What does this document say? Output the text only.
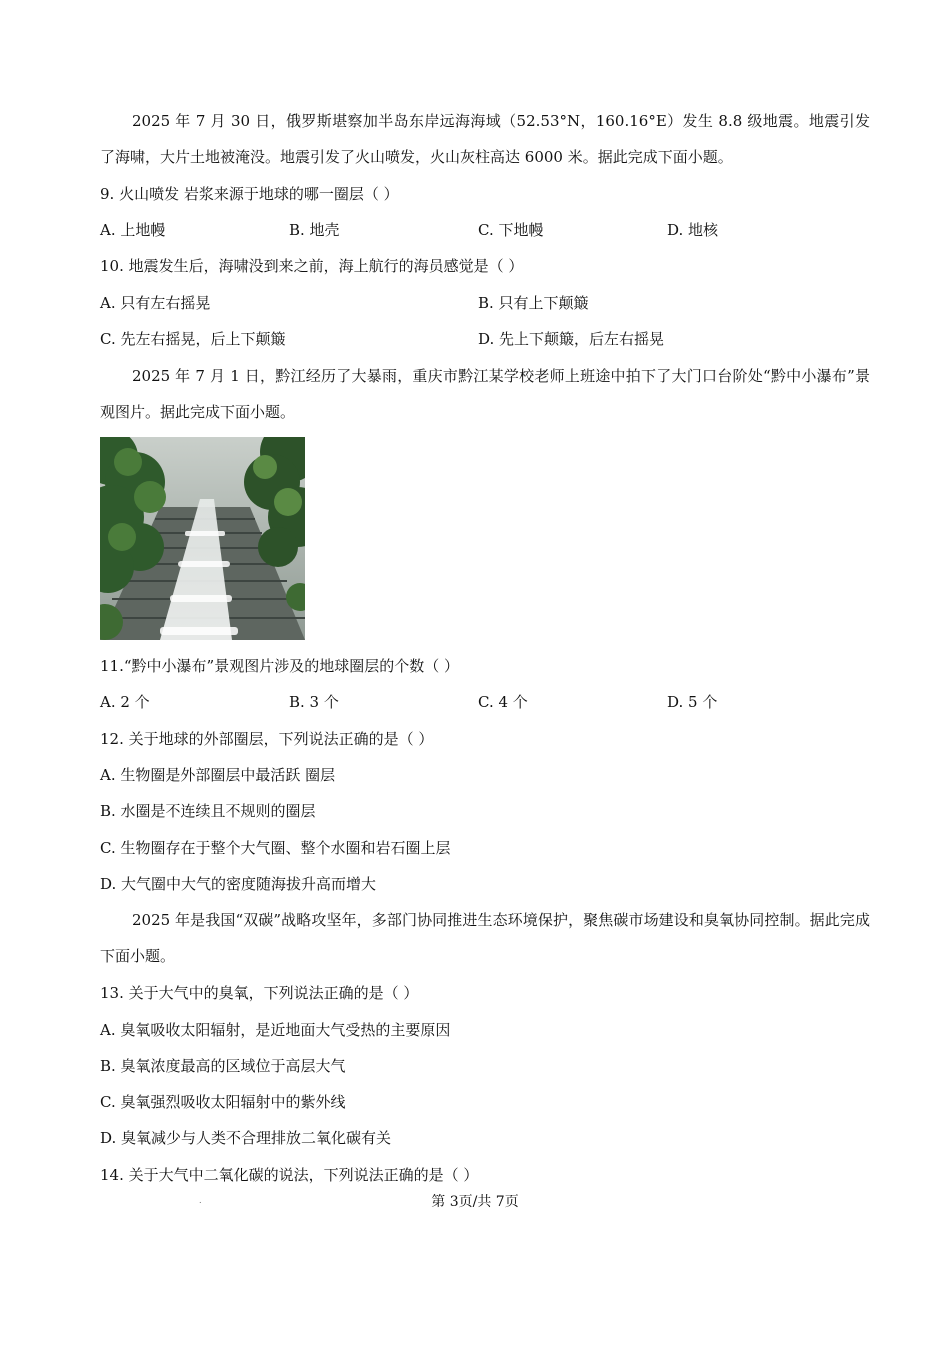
2025 年 7 月 30 日，俄罗斯堪察加半岛东岸远海海域（52.53°N，160.16°E）发生 8.8 级地震。地震引发了海啸，大片土地被淹没。地震引发了火山喷发，火山灰柱高达 6000 米。据此完成下面小题。
9. 火山喷发 岩浆来源于地球的哪一圈层（ ）
A. 上地幔	B. 地壳	C. 下地幔	D. 地核
10. 地震发生后，海啸没到来之前，海上航行的海员感觉是（ ）
A. 只有左右摇晃	B. 只有上下颠簸
C. 先左右摇晃，后上下颠簸	D. 先上下颠簸，后左右摇晃
2025 年 7 月 1 日，黔江经历了大暴雨，重庆市黔江某学校老师上班途中拍下了大门口台阶处“黔中小瀑布”景观图片。据此完成下面小题。
11.“黔中小瀑布”景观图片涉及的地球圈层的个数（ ）
A. 2 个	B. 3 个	C. 4 个	D. 5 个
12. 关于地球的外部圈层，下列说法正确的是（ ）
A. 生物圈是外部圈层中最活跃 圈层
B. 水圈是不连续且不规则的圈层
C. 生物圈存在于整个大气圈、整个水圈和岩石圈上层
D. 大气圈中大气的密度随海拔升高而增大
2025 年是我国“双碳”战略攻坚年，多部门协同推进生态环境保护，聚焦碳市场建设和臭氧协同控制。据此完成下面小题。
13. 关于大气中的臭氧，下列说法正确的是（ ）
A. 臭氧吸收太阳辐射，是近地面大气受热的主要原因
B. 臭氧浓度最高的区域位于高层大气
C. 臭氧强烈吸收太阳辐射中的紫外线
D. 臭氧减少与人类不合理排放二氧化碳有关
14. 关于大气中二氧化碳的说法，下列说法正确的是（ ）
.	第 3页/共 7页
